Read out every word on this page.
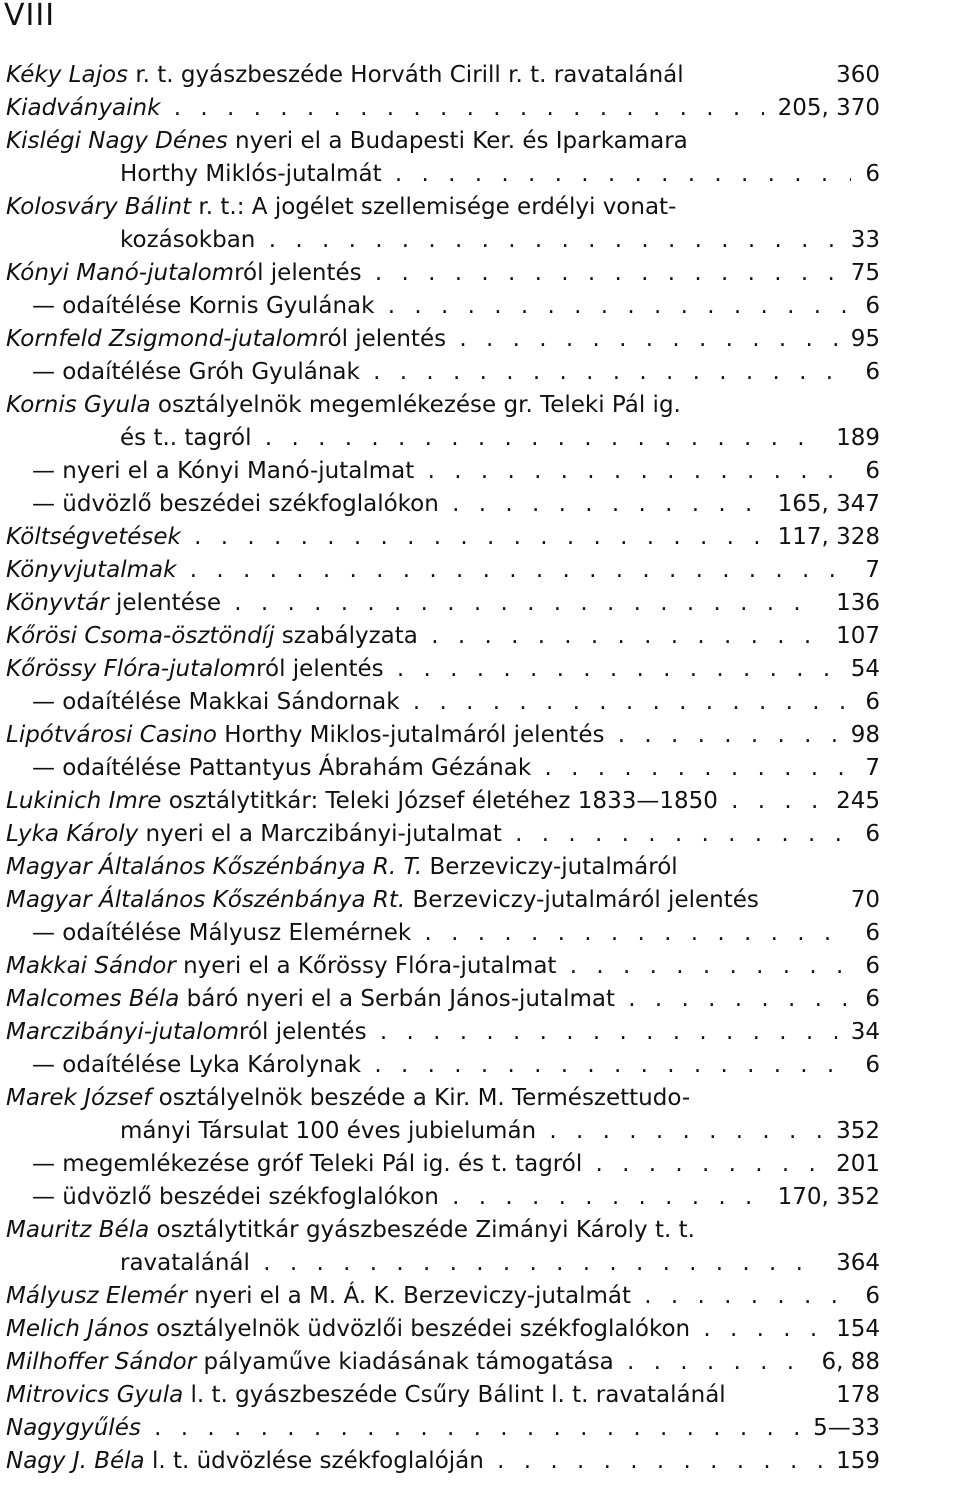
VIII
Kéky Lajos r. t. gyászbeszéde Horváth Cirill r. t. ravatalánál	360
Kiadványaink . . .	205, 370
Kislégi Nagy Dénes nyeri el a Budapesti Ker. és Iparkamara
Horthy Miklós-jutalmát . . .	6
Kolosváry Bálint r. t.: A jogélet szellemisége erdélyi vonat-
kozásokban . . .	33
Kónyi Manó-jutalomról jelentés . . .	75
— odaítélése Kornis Gyulának . . .	6
Kornfeld Zsigmond-jutalomról jelentés . . .	95
— odaítélése Gróh Gyulának . . .	6
Kornis Gyula osztályelnök megemlékezése gr. Teleki Pál ig.
és t.. tagról . . .	189
— nyeri el a Kónyi Manó-jutalmat . . .	6
— üdvözlő beszédei székfoglalókon . . .	165, 347
Költségvetések . . .	117, 328
Könyvjutalmak . . .	7
Könyvtár jelentése . . .	136
Kőrösi Csoma-ösztöndíj szabályzata . . .	107
Kőrössy Flóra-jutalomról jelentés . . .	54
— odaítélése Makkai Sándornak . . .	6
Lipótvárosi Casino Horthy Miklos-jutalmáról jelentés . . .	98
— odaítélése Pattantyus Ábrahám Gézának . . .	7
Lukinich Imre osztálytitkár: Teleki József életéhez 1833—1850 . . .	245
Lyka Károly nyeri el a Marczibányi-jutalmat . . .	6
Magyar Általános Kőszénbánya R. T. Berzeviczy-jutalmáról
Magyar Általános Kőszénbánya Rt. Berzeviczy-jutalmáról jelentés	70
— odaítélése Mályusz Elemérnek . . .	6
Makkai Sándor nyeri el a Kőrössy Flóra-jutalmat . . .	6
Malcomes Béla báró nyeri el a Serbán János-jutalmat . . .	6
Marczibányi-jutalomról jelentés . . .	34
— odaítélése Lyka Károlynak . . .	6
Marek József osztályelnök beszéde a Kir. M. Természettudo-
mányi Társulat 100 éves jubielumán . . .	352
— megemlékezése gróf Teleki Pál ig. és t. tagról . . .	201
— üdvözlő beszédei székfoglalókon . . .	170, 352
Mauritz Béla osztálytitkár gyászbeszéde Zimányi Károly t. t.
ravatalánál . . .	364
Mályusz Elemér nyeri el a M. Á. K. Berzeviczy-jutalmát . . .	6
Melich János osztályelnök üdvözlői beszédei székfoglalókon . . .	154
Milhoffer Sándor pályaműve kiadásának támogatása . . .	6, 88
Mitrovics Gyula l. t. gyászbeszéde Csűry Bálint l. t. ravatalánál	178
Nagygyűlés . . .	5—33
Nagy J. Béla l. t. üdvözlése székfoglalóján . . .	159
